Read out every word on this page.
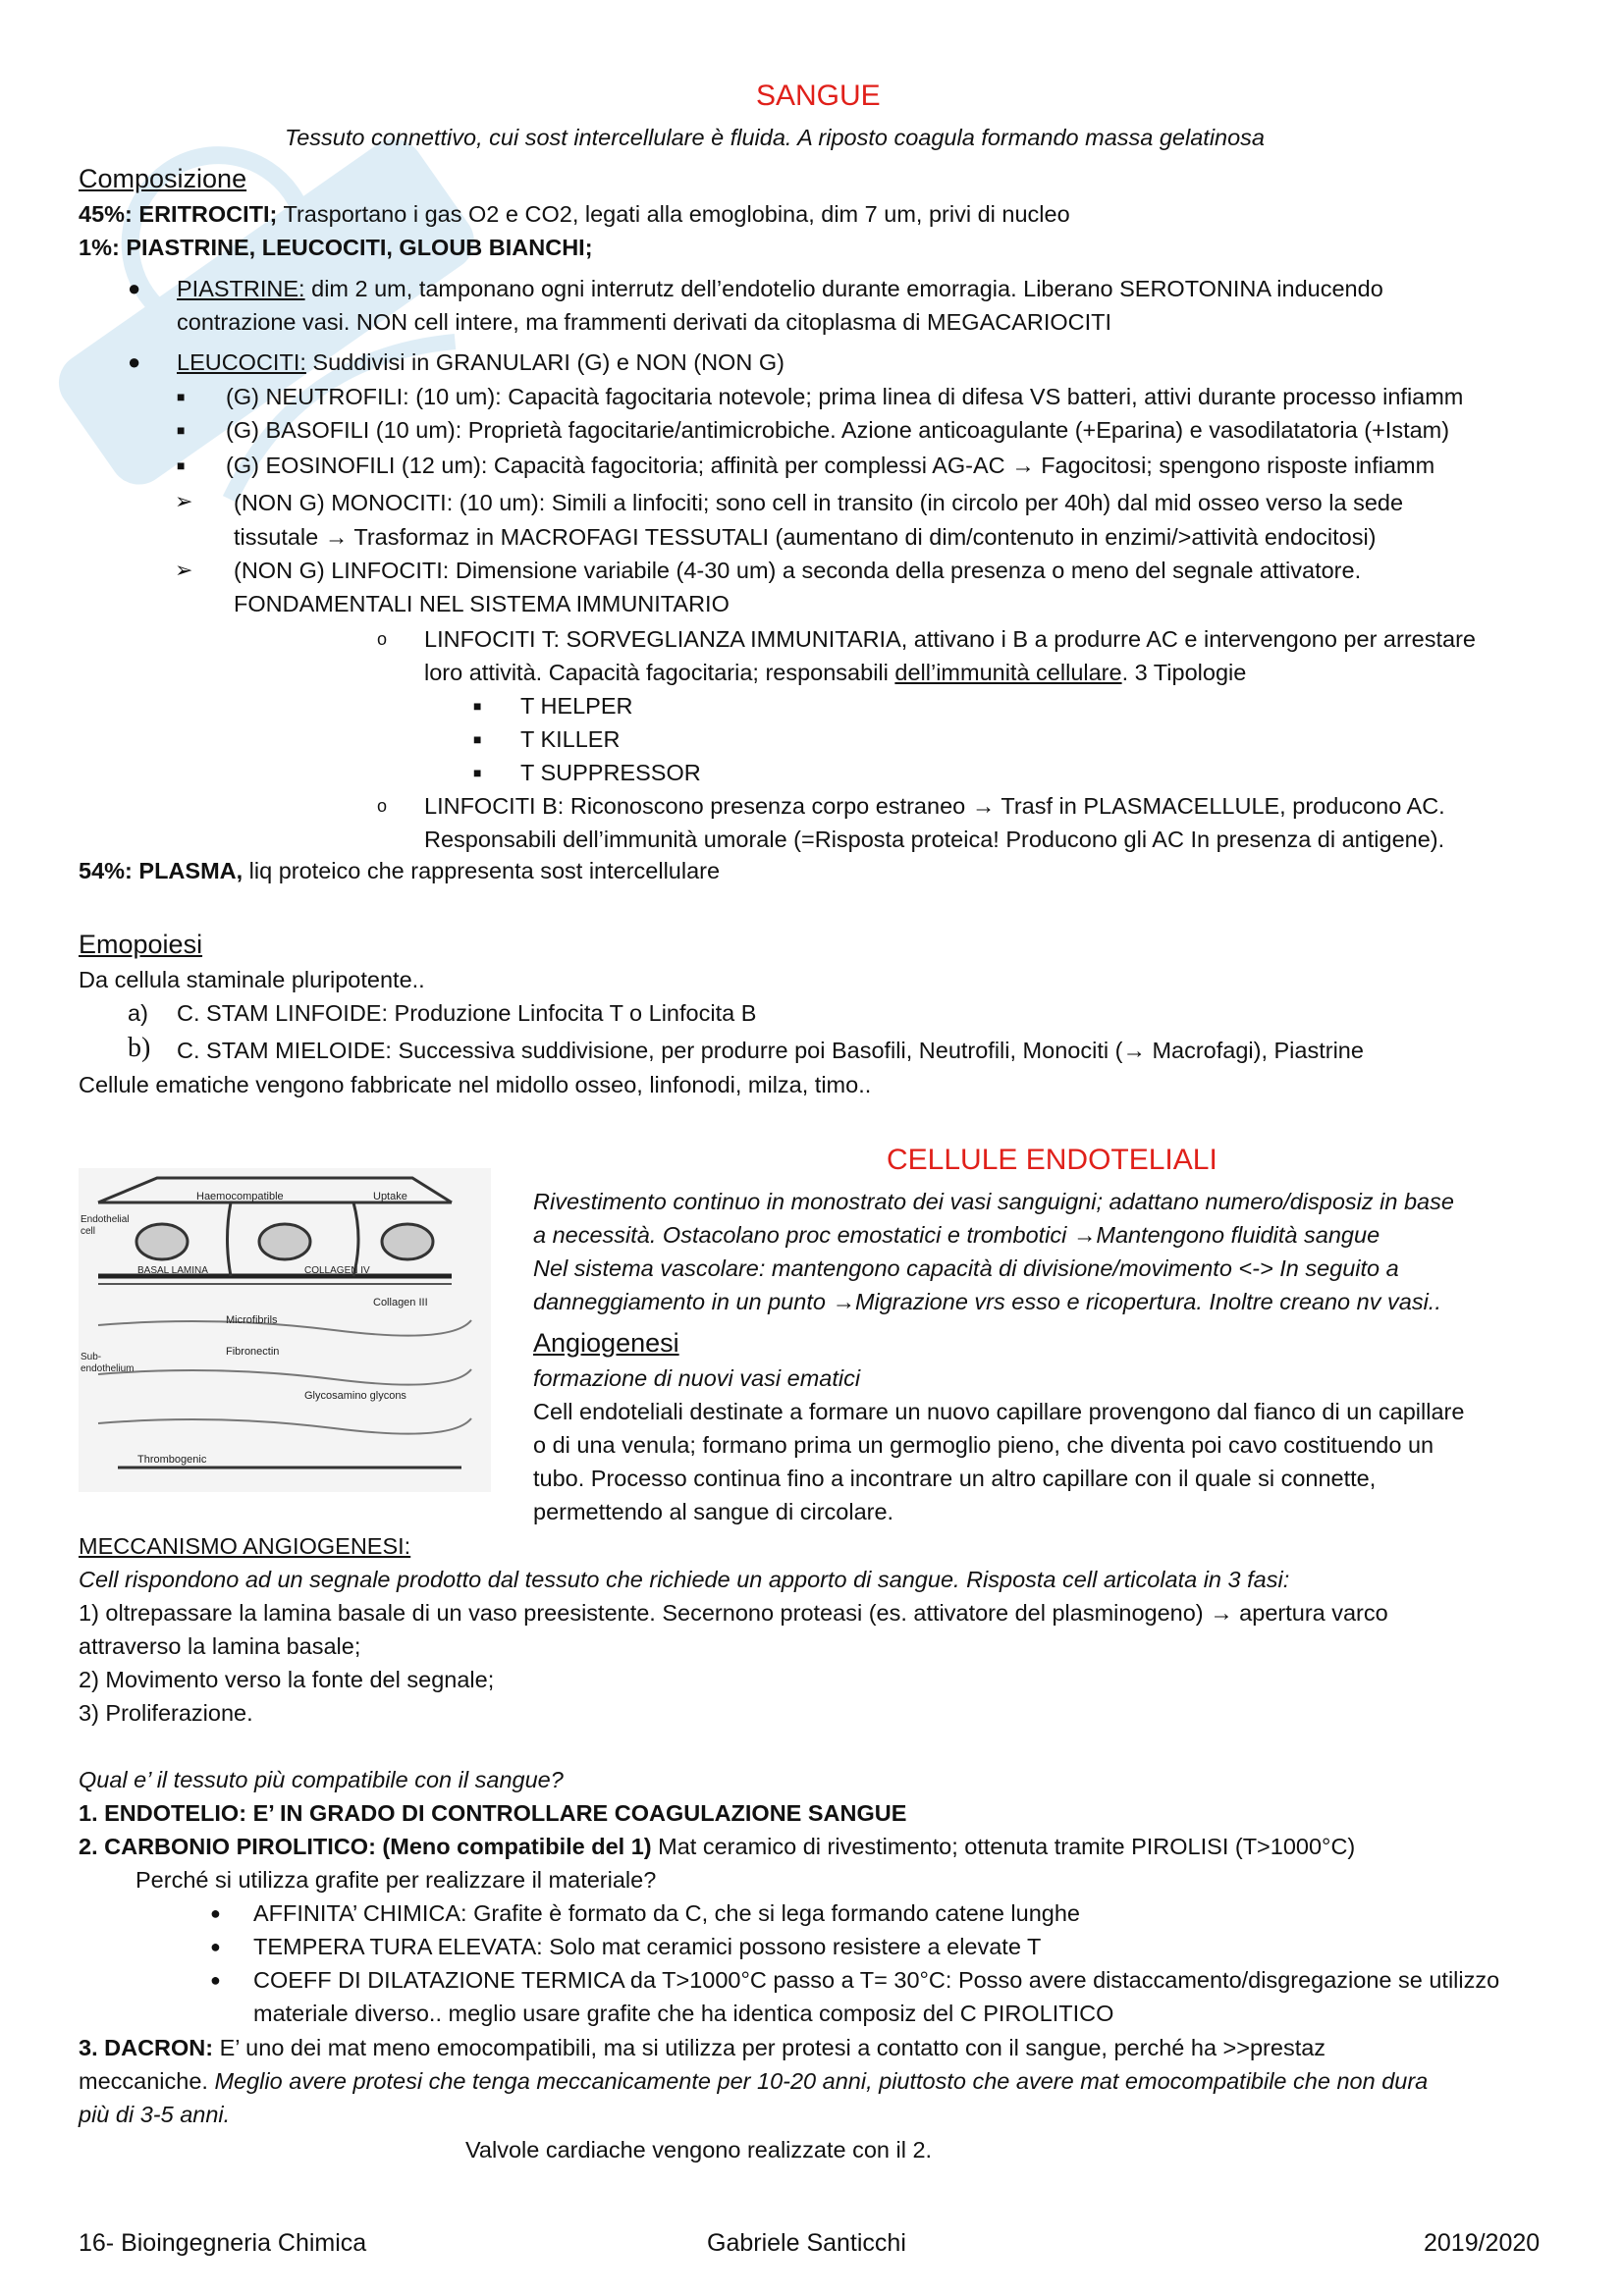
SANGUE
Tessuto connettivo, cui sost intercellulare è fluida. A riposto coagula formando massa gelatinosa
Composizione
45%: ERITROCITI; Trasportano i gas O2 e CO2, legati alla emoglobina, dim 7 um, privi di nucleo
1%: PIASTRINE, LEUCOCITI, GLOUB BIANCHI;
● PIASTRINE: dim 2 um, tamponano ogni interrutz dell’endotelio durante emorragia. Liberano SEROTONINA inducendo
contrazione vasi. NON cell intere, ma frammenti derivati da citoplasma di MEGACARIOCITI
● LEUCOCITI: Suddivisi in GRANULARI (G) e NON (NON G)
■ (G) NEUTROFILI: (10 um): Capacità fagocitaria notevole; prima linea di difesa VS batteri, attivi durante processo infiamm
■ (G) BASOFILI (10 um): Proprietà fagocitarie/antimicrobiche. Azione anticoagulante (+Eparina) e vasodilatatoria (+Istam)
■ (G) EOSINOFILI (12 um): Capacità fagocitoria; affinità per complessi AG-AC → Fagocitosi; spengono risposte infiamm
➢ (NON G) MONOCITI: (10 um): Simili a linfociti; sono cell in transito (in circolo per 40h) dal mid osseo verso la sede
tissutale → Trasformaz in MACROFAGI TESSUTALI (aumentano di dim/contenuto in enzimi/>attività endocitosi)
➢ (NON G) LINFOCITI: Dimensione variabile (4-30 um) a seconda della presenza o meno del segnale attivatore.
FONDAMENTALI NEL SISTEMA IMMUNITARIO
o LINFOCITI T: SORVEGLIANZA IMMUNITARIA, attivano i B a produrre AC e intervengono per arrestare
loro attività. Capacità fagocitaria; responsabili dell’immunità cellulare. 3 Tipologie
■ T HELPER
■ T KILLER
■ T SUPPRESSOR
o LINFOCITI B: Riconoscono presenza corpo estraneo → Trasf in PLASMACELLULE, producono AC.
Responsabili dell’immunità umorale (=Risposta proteica! Producono gli AC In presenza di antigene).
54%: PLASMA, liq proteico che rappresenta sost intercellulare
Emopoiesi
Da cellula staminale pluripotente..
a) C. STAM LINFOIDE: Produzione Linfocita T o Linfocita B
b) C. STAM MIELOIDE: Successiva suddivisione, per produrre poi Basofili, Neutrofili, Monociti (→ Macrofagi), Piastrine
Cellule ematiche vengono fabbricate nel midollo osseo, linfonodi, milza, timo..
CELLULE ENDOTELIALI
Rivestimento continuo in monostrato dei vasi sanguigni; adattano numero/disposiz in base
a necessità. Ostacolano proc emostatici e trombotici →Mantengono fluidità sangue
Nel sistema vascolare: mantengono capacità di divisione/movimento <-> In seguito a
danneggiamento in un punto →Migrazione vrs esso e ricopertura. Inoltre creano nv vasi..
Angiogenesi
formazione di nuovi vasi ematici
Cell endoteliali destinate a formare un nuovo capillare provengono dal fianco di un capillare
o di una venula; formano prima un germoglio pieno, che diventa poi cavo costituendo un
tubo. Processo continua fino a incontrare un altro capillare con il quale si connette,
permettendo al sangue di circolare.
Haemocompatible	Uptake
Endothelial
cell
BASAL LAMINA	COLLAGEN IV
Collagen III
Microfibrils
Fibronectin
Sub-
endothelium
Glycosamino glycons
Thrombogenic
MECCANISMO ANGIOGENESI:
Cell rispondono ad un segnale prodotto dal tessuto che richiede un apporto di sangue. Risposta cell articolata in 3 fasi:
1) oltrepassare la lamina basale di un vaso preesistente. Secernono proteasi (es. attivatore del plasminogeno) → apertura varco
attraverso la lamina basale;
2) Movimento verso la fonte del segnale;
3) Proliferazione.
Qual e’ il tessuto più compatibile con il sangue?
1. ENDOTELIO: E’ IN GRADO DI CONTROLLARE COAGULAZIONE SANGUE
2. CARBONIO PIROLITICO: (Meno compatibile del 1) Mat ceramico di rivestimento; ottenuta tramite PIROLISI (T>1000°C)
Perché si utilizza grafite per realizzare il materiale?
● AFFINITA’ CHIMICA: Grafite è formato da C, che si lega formando catene lunghe
● TEMPERA TURA ELEVATA: Solo mat ceramici possono resistere a elevate T
● COEFF DI DILATAZIONE TERMICA da T>1000°C passo a T= 30°C: Posso avere distaccamento/disgregazione se utilizzo
materiale diverso.. meglio usare grafite che ha identica composiz del C PIROLITICO
3. DACRON: E’ uno dei mat meno emocompatibili, ma si utilizza per protesi a contatto con il sangue, perché ha >>prestaz
meccaniche. Meglio avere protesi che tenga meccanicamente per 10-20 anni, piuttosto che avere mat emocompatibile che non dura
più di 3-5 anni.
Valvole cardiache vengono realizzate con il 2.
16- Bioingegneria Chimica	Gabriele Santicchi	2019/2020
